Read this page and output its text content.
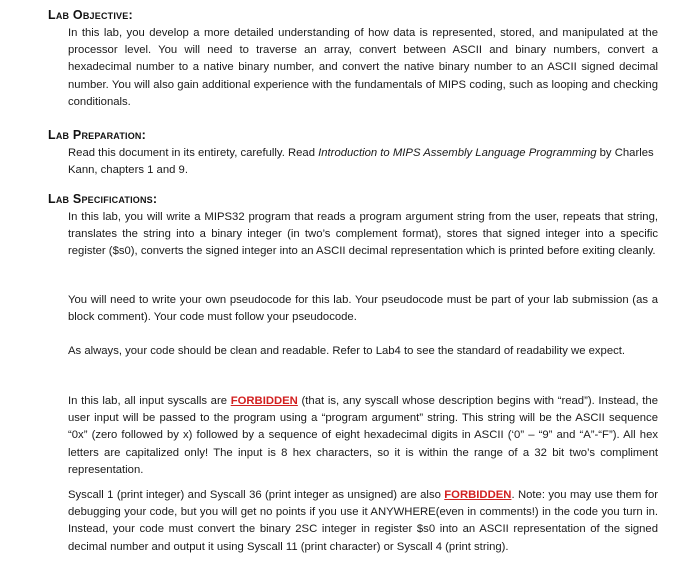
Lab Objective:
In this lab, you develop a more detailed understanding of how data is represented, stored, and manipulated at the processor level. You will need to traverse an array, convert between ASCII and binary numbers, convert a hexadecimal number to a native binary number, and convert the native binary number to an ASCII signed decimal number. You will also gain additional experience with the fundamentals of MIPS coding, such as looping and checking conditionals.
Lab Preparation:
Read this document in its entirety, carefully. Read Introduction to MIPS Assembly Language Programming by Charles Kann, chapters 1 and 9.
Lab Specifications:
In this lab, you will write a MIPS32 program that reads a program argument string from the user, repeats that string, translates the string into a binary integer (in two’s complement format), stores that signed integer into a specific register ($s0), converts the signed integer into an ASCII decimal representation which is printed before exiting cleanly.
You will need to write your own pseudocode for this lab. Your pseudocode must be part of your lab submission (as a block comment). Your code must follow your pseudocode.
As always, your code should be clean and readable. Refer to Lab4 to see the standard of readability we expect.
In this lab, all input syscalls are FORBIDDEN (that is, any syscall whose description begins with “read”). Instead, the user input will be passed to the program using a “program argument” string. This string will be the ASCII sequence “0x” (zero followed by x) followed by a sequence of eight hexadecimal digits in ASCII (‘0” – “9” and “A”-“F”). All hex letters are capitalized only! The input is 8 hex characters, so it is within the range of a 32 bit two’s compliment representation.
Syscall 1 (print integer) and Syscall 36 (print integer as unsigned) are also FORBIDDEN. Note: you may use them for debugging your code, but you will get no points if you use it ANYWHERE(even in comments!) in the code you turn in. Instead, your code must convert the binary 2SC integer in register $s0 into an ASCII representation of the signed decimal number and output it using Syscall 11 (print character) or Syscall 4 (print string).
